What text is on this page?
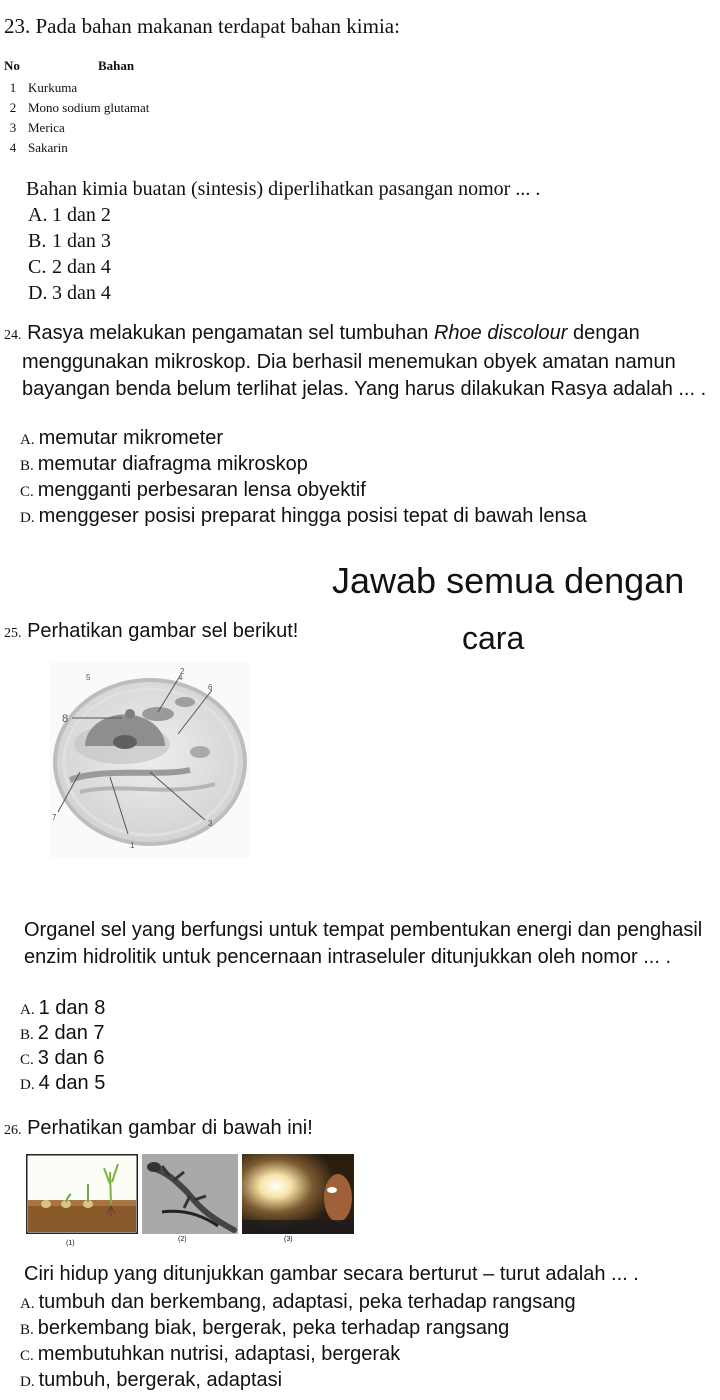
23. Pada bahan makanan terdapat bahan kimia:
No	Bahan
1 Kurkuma
2 Mono sodium glutamat
3 Merica
4 Sakarin
Bahan kimia buatan (sintesis) diperlihatkan pasangan nomor ... .
A. 1 dan 2
B. 1 dan 3
C. 2 dan 4
D. 3 dan 4
24. Rasya melakukan pengamatan sel tumbuhan Rhoe discolour dengan menggunakan mikroskop. Dia berhasil menemukan obyek amatan namun bayangan benda belum terlihat jelas. Yang harus dilakukan Rasya adalah ... .
A. memutar mikrometer
B. memutar diafragma mikroskop
C. mengganti perbesaran lensa obyektif
D. menggeser posisi preparat hingga posisi tepat di bawah lensa
Jawab semua dengan
cara
25. Perhatikan gambar sel berikut!
1
2
3
4
5
6
7
8
Organel sel yang berfungsi untuk tempat pembentukan energi dan penghasil enzim hidrolitik untuk pencernaan intraseluler ditunjukkan oleh nomor ... .
A. 1 dan 8
B. 2 dan 7
C. 3 dan 6
D. 4 dan 5
26. Perhatikan gambar di bawah ini!
(1)
(2)	(3)
Ciri hidup yang ditunjukkan gambar secara berturut – turut adalah ... .
A. tumbuh dan berkembang, adaptasi, peka terhadap rangsang
B. berkembang biak, bergerak, peka terhadap rangsang
C. membutuhkan nutrisi, adaptasi, bergerak
D. tumbuh, bergerak, adaptasi
